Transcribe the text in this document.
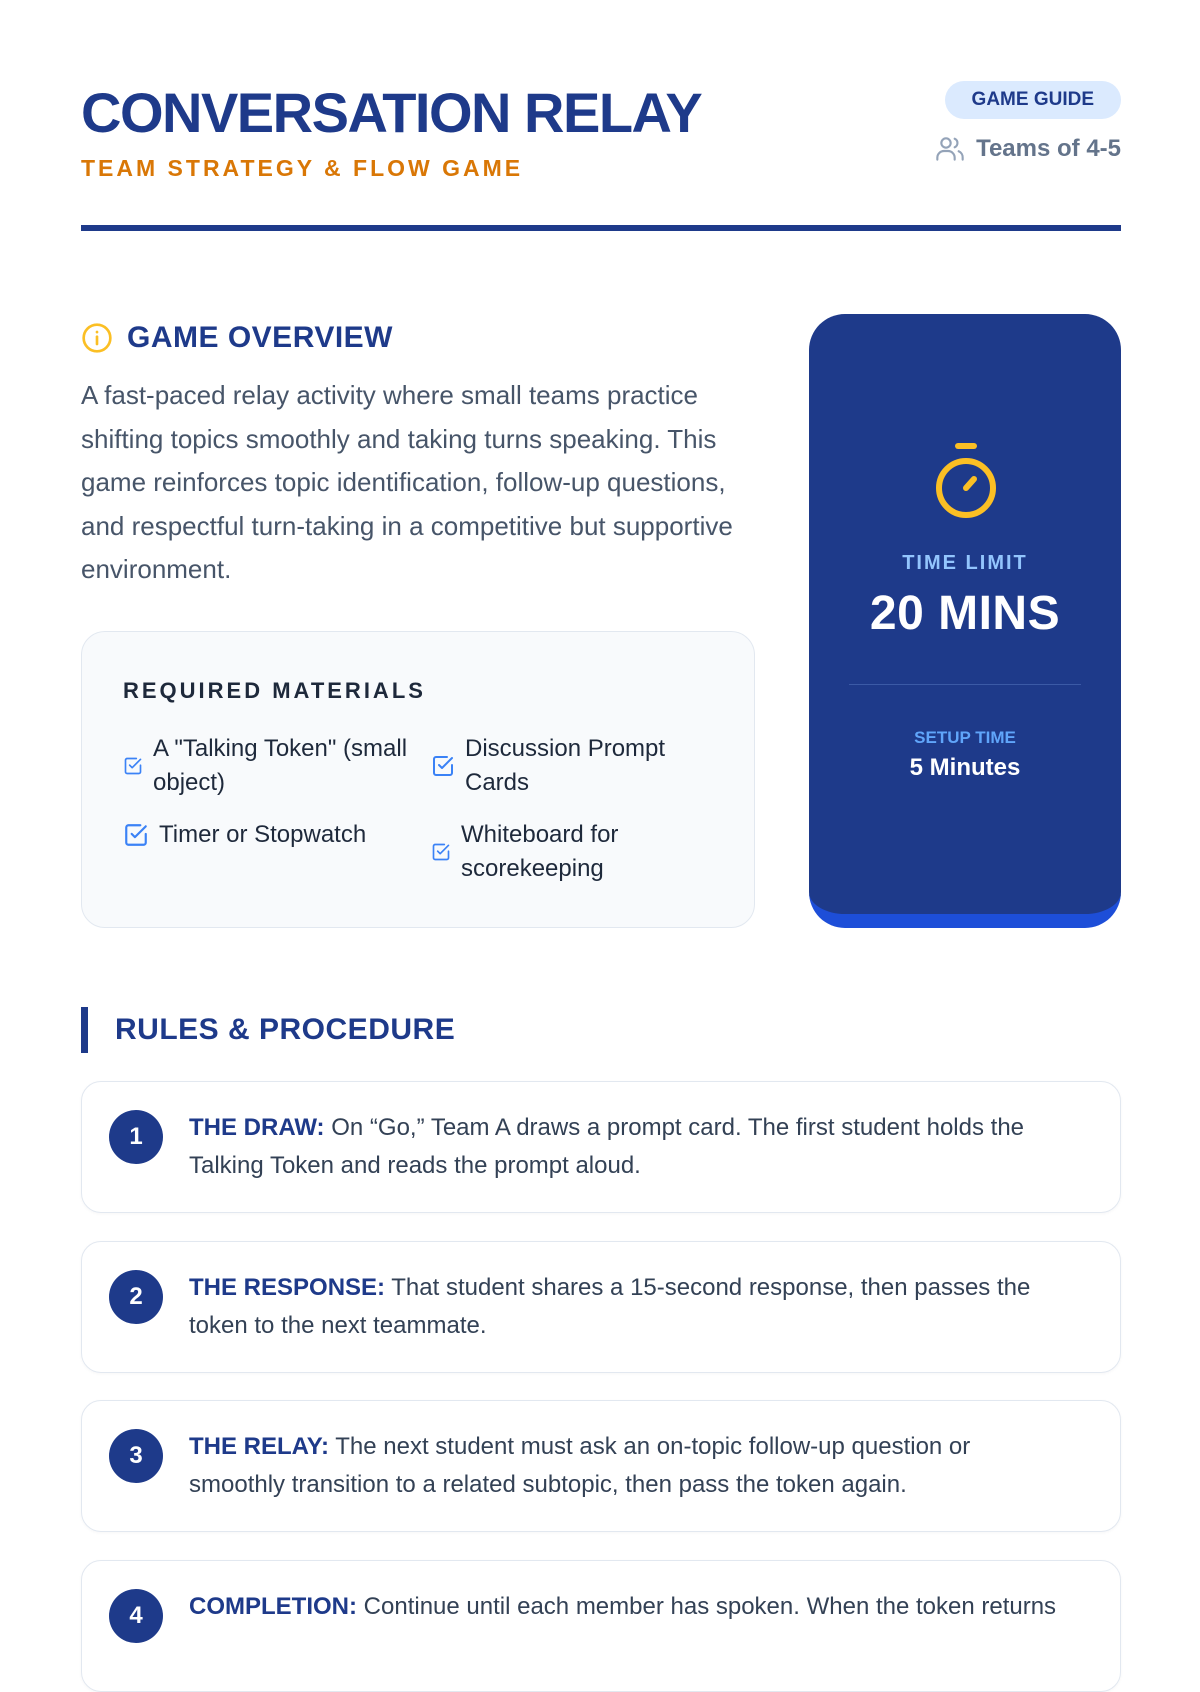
CONVERSATION RELAY
TEAM STRATEGY & FLOW GAME
GAME GUIDE
Teams of 4-5
GAME OVERVIEW

A fast-paced relay activity where small teams practice shifting topics smoothly and taking turns speaking. This game reinforces topic identification, follow-up questions, and respectful turn-taking in a competitive but supportive environment.

REQUIRED MATERIALS
A "Talking Token" (small object)
Discussion Prompt Cards
Timer or Stopwatch	Whiteboard for scorekeeping
TIME LIMIT
20 MINS
SETUP TIME
5 Minutes
RULES & PROCEDURE
1	THE DRAW: On “Go,” Team A draws a prompt card. The first student holds the Talking Token and reads the prompt aloud.

2	THE RESPONSE: That student shares a 15-second response, then passes the token to the next teammate.

3	THE RELAY: The next student must ask an on-topic follow-up question or smoothly transition to a related subtopic, then pass the token again.

4	COMPLETION: Continue until each member has spoken. When the token returns
